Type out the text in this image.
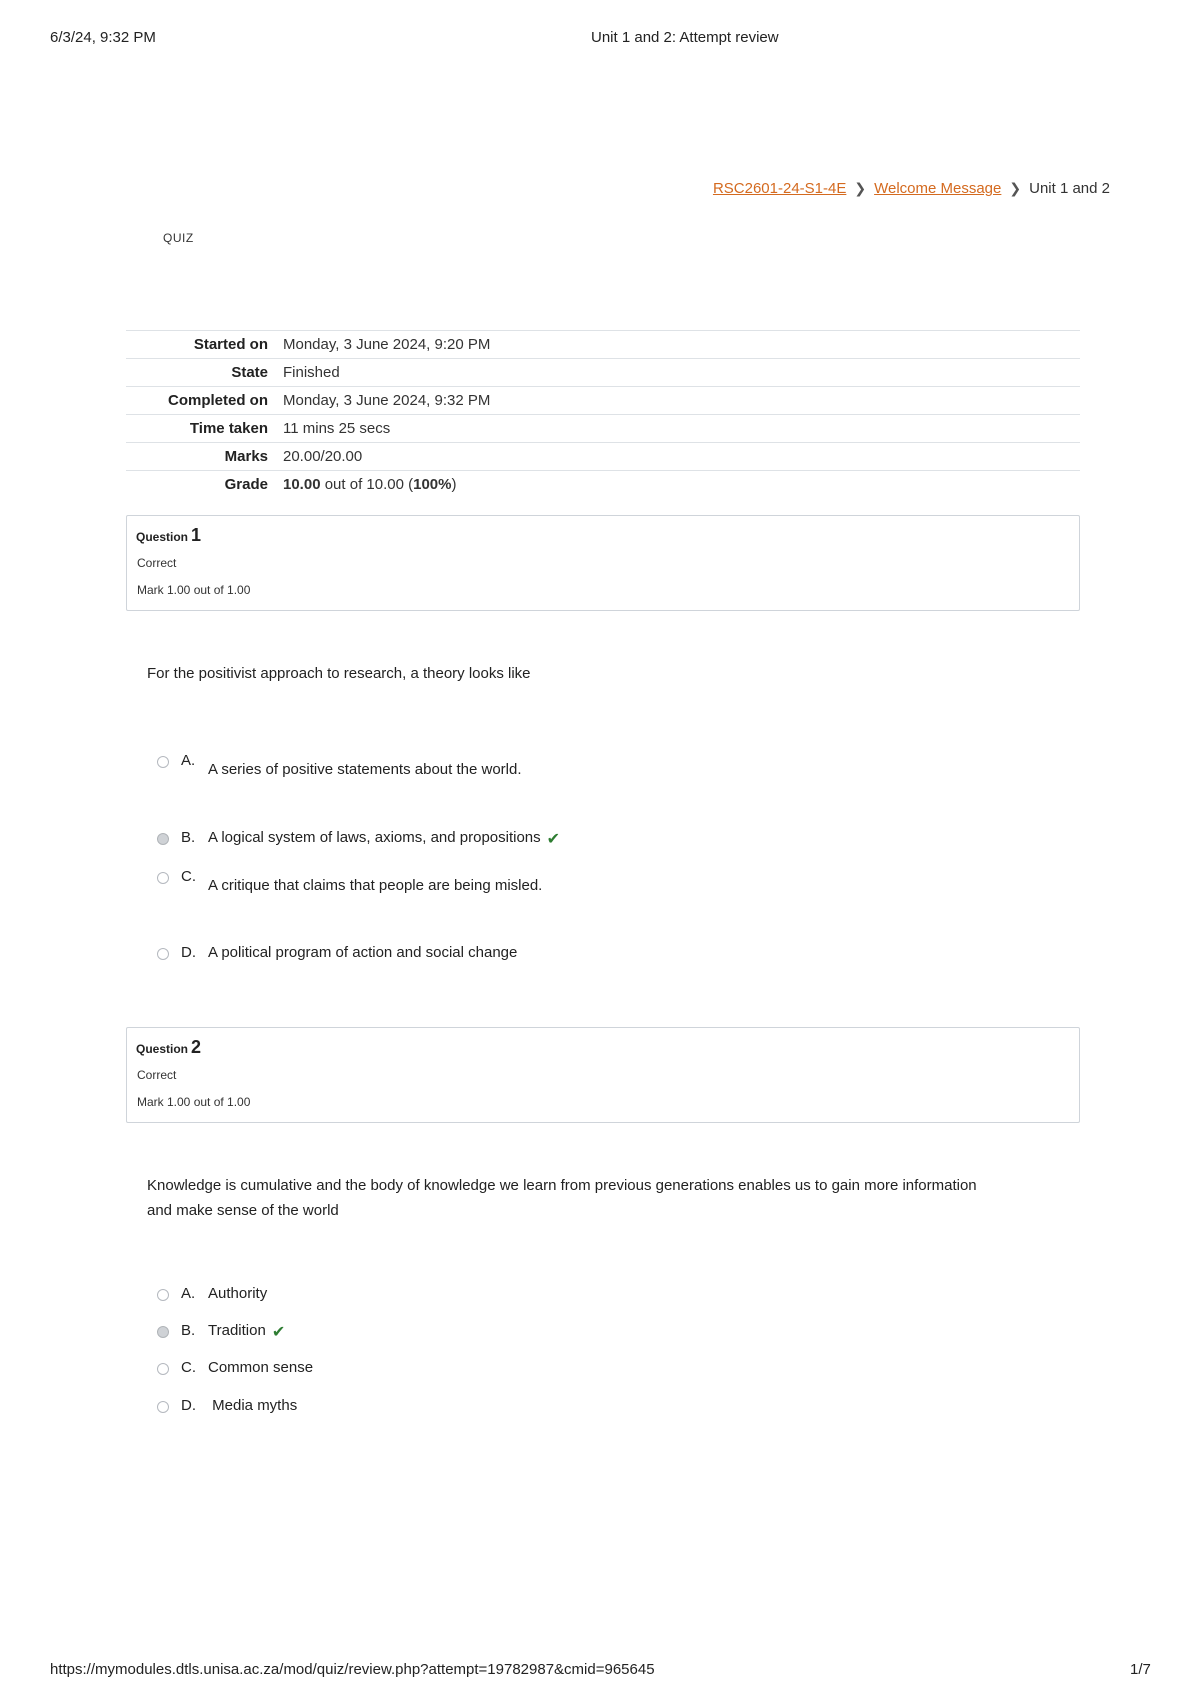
6/3/24, 9:32 PM	Unit 1 and 2: Attempt review
RSC2601-24-S1-4E ❯ Welcome Message ❯ Unit 1 and 2
QUIZ
Started on	Monday, 3 June 2024, 9:20 PM
State	Finished
Completed on	Monday, 3 June 2024, 9:32 PM
Time taken	11 mins 25 secs
Marks	20.00/20.00
Grade	10.00 out of 10.00 (100%)
Question 1
Correct
Mark 1.00 out of 1.00
For the positivist approach to research, a theory looks like
A.
A series of positive statements about the world.
B. A logical system of laws, axioms, and propositions ✔
C.
A critique that claims that people are being misled.
D. A political program of action and social change
Question 2
Correct
Mark 1.00 out of 1.00
Knowledge is cumulative and the body of knowledge we learn from previous generations enables us to gain more information
and make sense of the world
A. Authority
B. Tradition ✔
C. Common sense
D. Media myths
https://mymodules.dtls.unisa.ac.za/mod/quiz/review.php?attempt=19782987&cmid=965645	1/7
